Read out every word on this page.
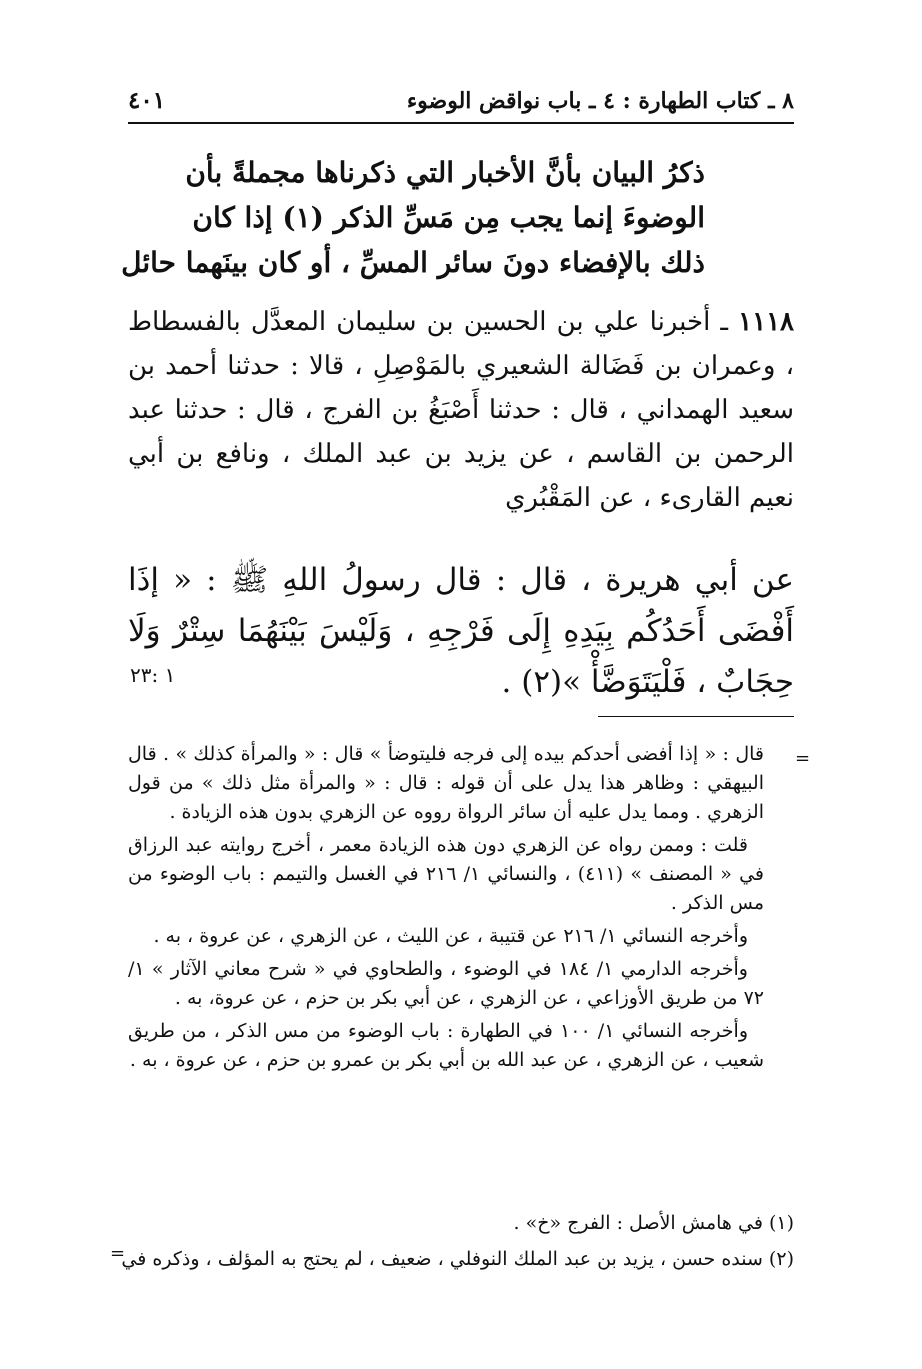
٨ ـ كتاب الطهارة : ٤ ـ باب نواقض الوضوء
٤٠١
ذكرُ البيان بأنَّ الأخبار التي ذكرناها مجملةً بأن
الوضوءَ إنما يجب مِن مَسِّ الذكر (١) إذا كان
ذلك بالإفضاء دونَ سائر المسِّ ، أو كان بينَهما حائل
١١١٨ ـ أخبرنا علي بن الحسين بن سليمان المعدَّل بالفسطاط ، وعمران بن فَضَالة الشعيري بالمَوْصِلِ ، قالا : حدثنا أحمد بن سعيد الهمداني ، قال : حدثنا أَصْبَغُ بن الفرج ، قال : حدثنا عبد الرحمن بن القاسم ، عن يزيد بن عبد الملك ، ونافع بن أبي نعيم القارىء ، عن المَقْبُري
عن أبي هريرة ، قال : قال رسولُ اللهِ ﷺ : « إذَا أَفْضَى أَحَدُكُم بِيَدِهِ إِلَى فَرْجِهِ ، وَلَيْسَ بَيْنَهُمَا سِتْرٌ وَلَا حِجَابٌ ، فَلْيَتَوَضَّأْ »(٢) .
١ :٢٣
=

قال : « إذا أفضى أحدكم بيده إلى فرجه فليتوضأ » قال : « والمرأة كذلك » . قال البيهقي : وظاهر هذا يدل على أن قوله : قال : « والمرأة مثل ذلك » من قول الزهري . ومما يدل عليه أن سائر الرواة رووه عن الزهري بدون هذه الزيادة .

قلت : وممن رواه عن الزهري دون هذه الزيادة معمر ، أخرج روايته عبد الرزاق في « المصنف » (٤١١) ، والنسائي ١/ ٢١٦ في الغسل والتيمم : باب الوضوء من مس الذكر .

وأخرجه النسائي ١/ ٢١٦ عن قتيبة ، عن الليث ، عن الزهري ، عن عروة ، به .

وأخرجه الدارمي ١/ ١٨٤ في الوضوء ، والطحاوي في « شرح معاني الآثار » ١/ ٧٢ من طريق الأوزاعي ، عن الزهري ، عن أبي بكر بن حزم ، عن عروة، به .

وأخرجه النسائي ١/ ١٠٠ في الطهارة : باب الوضوء من مس الذكر ، من طريق شعيب ، عن الزهري ، عن عبد الله بن أبي بكر بن عمرو بن حزم ، عن عروة ، به .

(١) في هامش الأصل : الفرج «خ» .
(٢) سنده حسن ، يزيد بن عبد الملك النوفلي ، ضعيف ، لم يحتج به المؤلف ، وذكره في
=
